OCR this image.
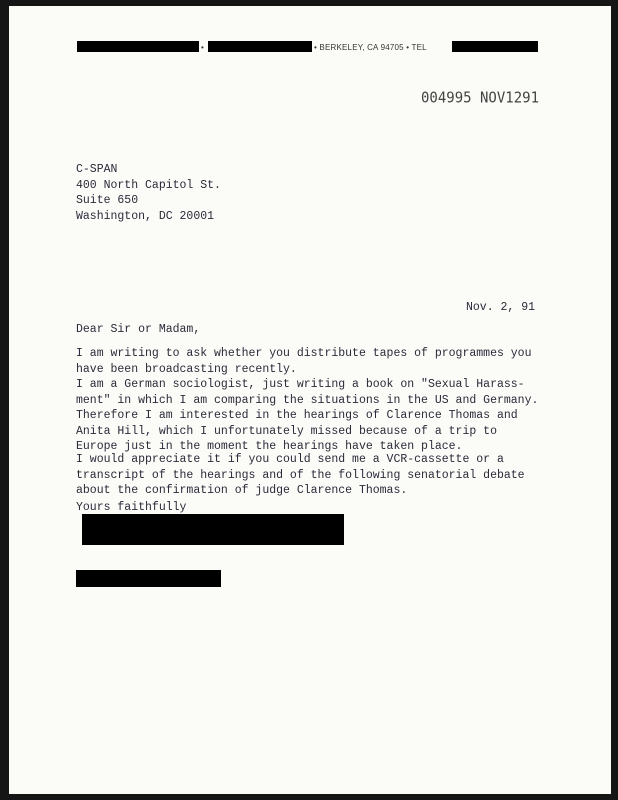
•	• BERKELEY, CA 94705 • TEL

004995 NOV1291
C-SPAN
400 North Capitol St.
Suite 650
Washington, DC 20001
Nov. 2, 91
Dear Sir or Madam,
I am writing to ask whether you distribute tapes of programmes you
have been broadcasting recently.
I am a German sociologist, just writing a book on "Sexual Harass-
ment" in which I am comparing the situations in the US and Germany.
Therefore I am interested in the hearings of Clarence Thomas and
Anita Hill, which I unfortunately missed because of a trip to
Europe just in the moment the hearings have taken place.
I would appreciate it if you could send me a VCR-cassette or a
transcript of the hearings and of the following senatorial debate
about the confirmation of judge Clarence Thomas.
Yours faithfully
